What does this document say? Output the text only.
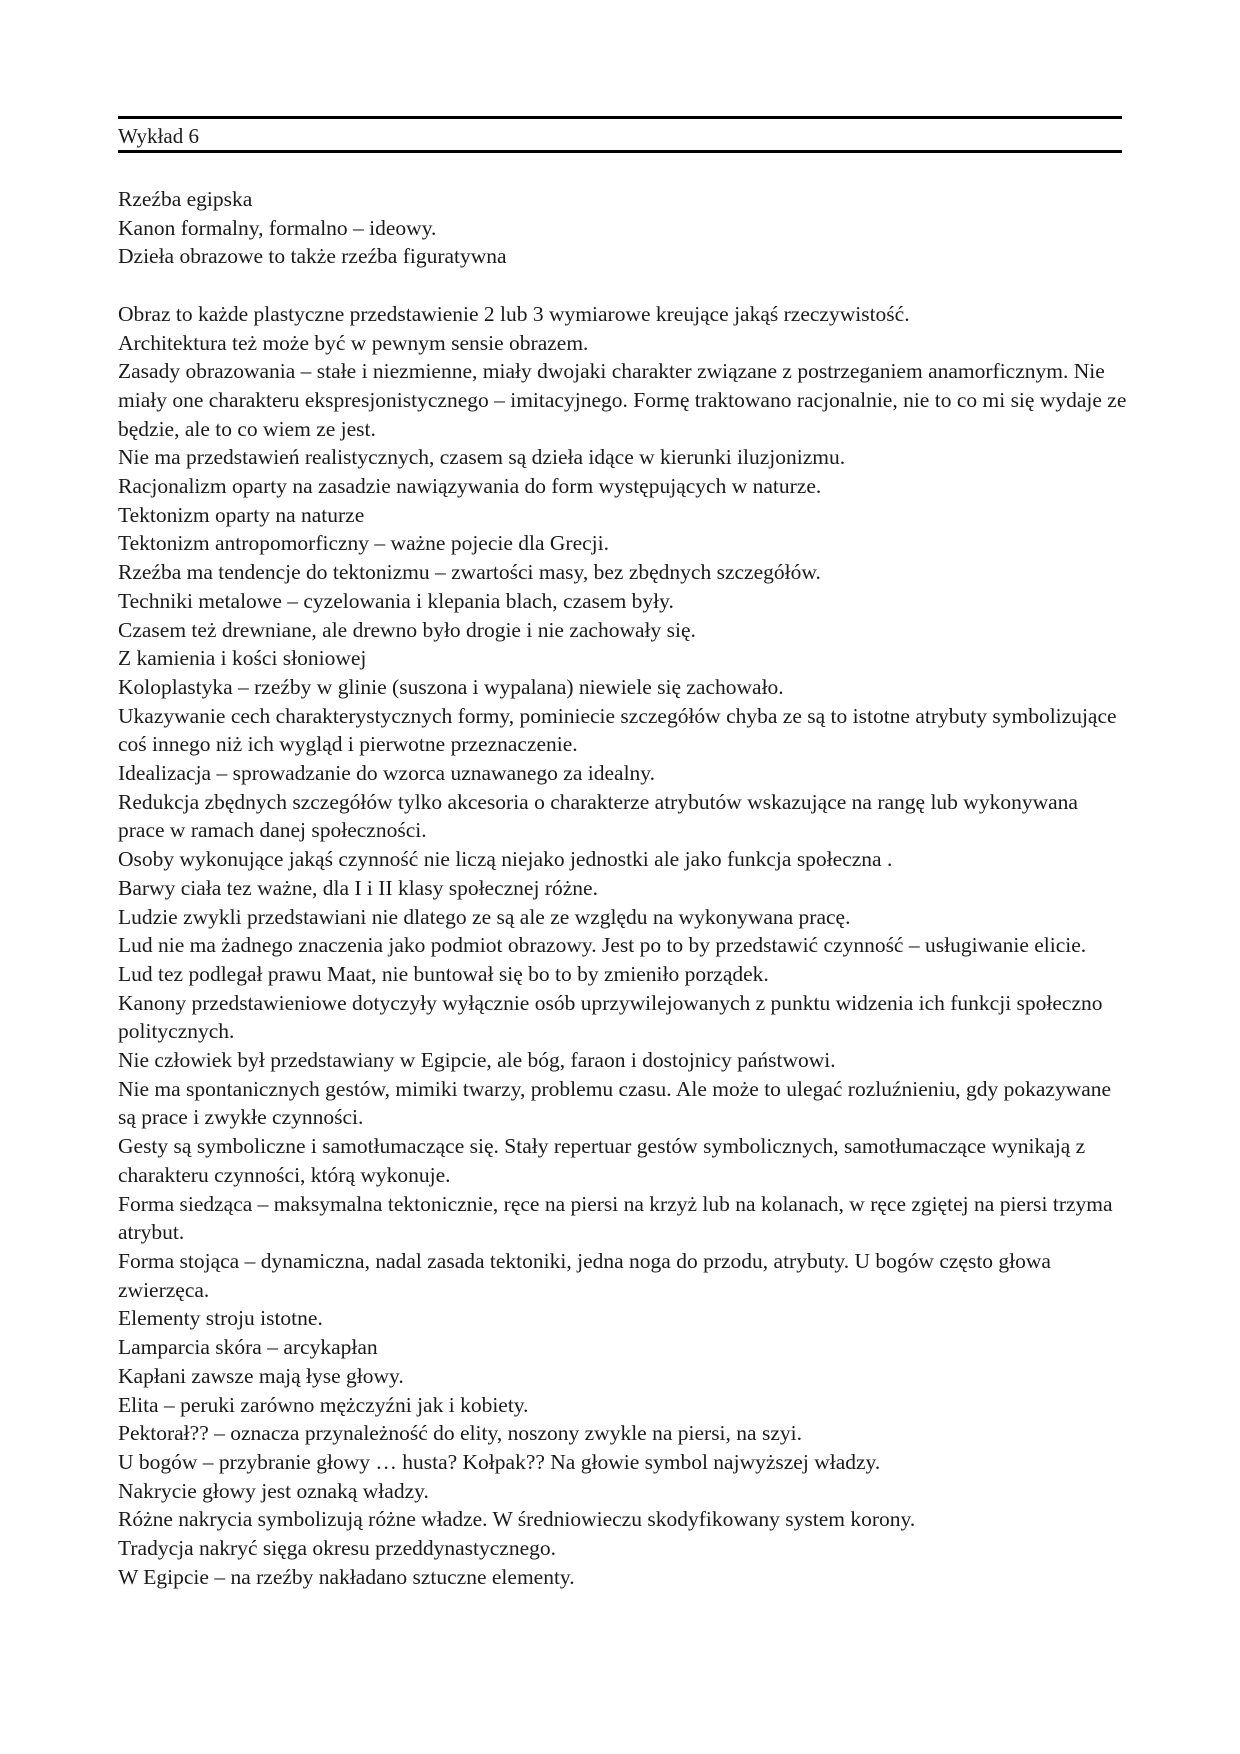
Wykład 6

Rzeźba egipska

Kanon formalny, formalno – ideowy.

Dzieła obrazowe to także rzeźba figuratywna

Obraz to każde plastyczne przedstawienie 2 lub 3 wymiarowe kreujące jakąś rzeczywistość.

Architektura też może być w pewnym sensie obrazem.

Zasady obrazowania – stałe i niezmienne, miały dwojaki charakter związane z postrzeganiem anamorficznym. Nie miały one charakteru ekspresjonistycznego – imitacyjnego. Formę traktowano racjonalnie, nie to co mi się wydaje ze będzie, ale to co wiem ze jest.

Nie ma przedstawień realistycznych, czasem są dzieła idące w kierunki iluzjonizmu.

Racjonalizm oparty na zasadzie nawiązywania do form występujących w naturze.

Tektonizm oparty na naturze

Tektonizm antropomorficzny – ważne pojecie dla Grecji.

Rzeźba ma tendencje do tektonizmu – zwartości masy, bez zbędnych szczegółów.

Techniki metalowe – cyzelowania i klepania blach, czasem były.

Czasem też drewniane, ale drewno było drogie i nie zachowały się.

Z kamienia i kości słoniowej

Koloplastyka – rzeźby w glinie (suszona i wypalana) niewiele się zachowało.

Ukazywanie cech charakterystycznych formy, pominiecie szczegółów chyba ze są to istotne atrybuty symbolizujące coś innego niż ich wygląd i pierwotne przeznaczenie.

Idealizacja – sprowadzanie do wzorca uznawanego za idealny.

Redukcja zbędnych szczegółów tylko akcesoria o charakterze atrybutów wskazujące na rangę lub wykonywana prace w ramach danej społeczności.

Osoby wykonujące jakąś czynność nie liczą niejako jednostki ale jako funkcja społeczna .

Barwy ciała tez ważne, dla I i II klasy społecznej różne.

Ludzie zwykli przedstawiani nie dlatego ze są ale ze względu na wykonywana pracę.

Lud nie ma żadnego znaczenia jako podmiot obrazowy. Jest po to by przedstawić czynność – usługiwanie elicie.

Lud tez podlegał prawu Maat, nie buntował się bo to by zmieniło porządek.

Kanony przedstawieniowe dotyczyły wyłącznie osób uprzywilejowanych z punktu widzenia ich funkcji społeczno politycznych.

Nie człowiek był przedstawiany w Egipcie, ale bóg, faraon i dostojnicy państwowi.

Nie ma spontanicznych gestów, mimiki twarzy, problemu czasu. Ale może to ulegać rozluźnieniu, gdy pokazywane są prace i zwykłe czynności.

Gesty są symboliczne i samotłumaczące się. Stały repertuar gestów symbolicznych, samotłumaczące wynikają z charakteru czynności, którą wykonuje.

Forma siedząca – maksymalna tektonicznie, ręce na piersi na krzyż lub na kolanach, w ręce zgiętej na piersi trzyma atrybut.

Forma stojąca – dynamiczna, nadal zasada tektoniki, jedna noga do przodu, atrybuty. U bogów często głowa zwierzęca.

Elementy stroju istotne.

Lamparcia skóra – arcykapłan

Kapłani zawsze mają łyse głowy.

Elita – peruki zarówno mężczyźni jak i kobiety.

Pektorał?? – oznacza przynależność do elity, noszony zwykle na piersi, na szyi.

U bogów – przybranie głowy … husta? Kołpak?? Na głowie symbol najwyższej władzy.

Nakrycie głowy jest oznaką władzy.

Różne nakrycia symbolizują różne władze. W średniowieczu skodyfikowany system korony.

Tradycja nakryć sięga okresu przeddynastycznego.

W Egipcie – na rzeźby nakładano sztuczne elementy.
